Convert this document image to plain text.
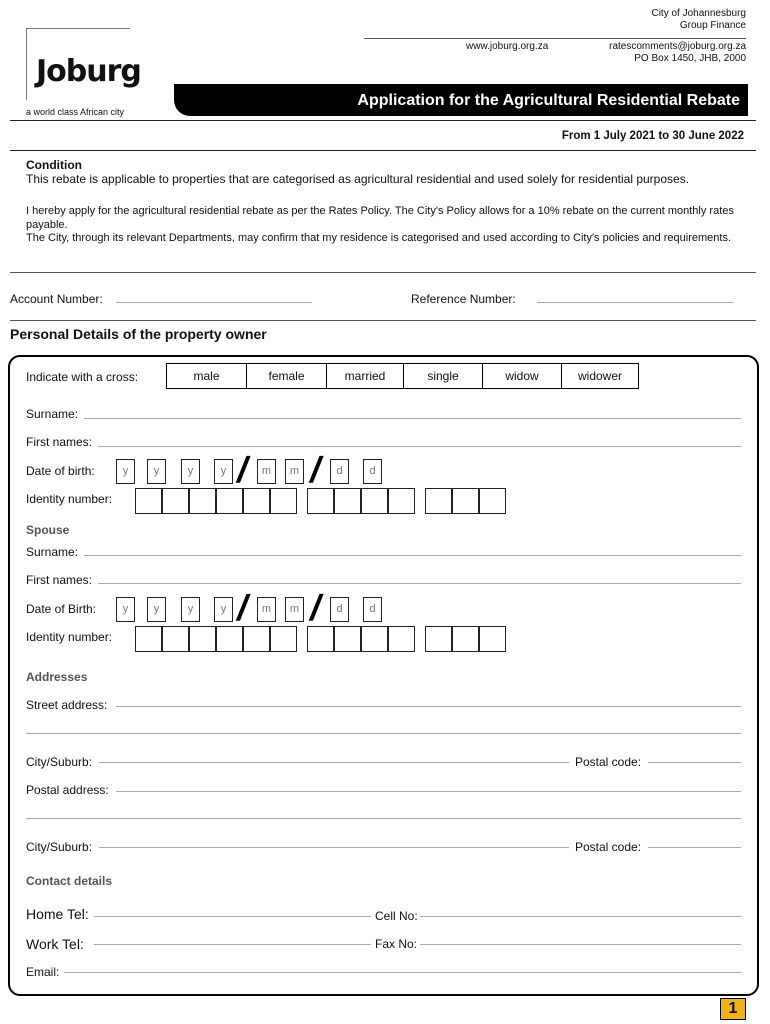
Joburg
a world class African city
City of Johannesburg
Group Finance
www.joburg.org.za	ratescomments@joburg.org.za
PO Box 1450, JHB, 2000
Application for the Agricultural Residential Rebate
From 1 July 2021 to 30 June 2022
Condition
This rebate is applicable to properties that are categorised as agricultural residential and used solely for residential purposes.
I hereby apply for the agricultural residential rebate as per the Rates Policy. The City's Policy allows for a 10% rebate on the current monthly rates payable.
The City, through its relevant Departments, may confirm that my residence is categorised and used according to City's policies and requirements.
Account Number:	Reference Number:
Personal Details of the property owner
Indicate with a cross:	male	female	married	single	widow	widower
Surname:
First names:
Date of birth:	y	y	y	y / m	m / d	d
Identity number:
Spouse
Surname:
First names:
Date of Birth:	y	y	y	y / m	m / d	d
Identity number:
Addresses
Street address:
City/Suburb:	Postal code:
Postal address:
City/Suburb:	Postal code:
Contact details
Home Tel:	Cell No:
Work Tel:	Fax No:
Email:
1
